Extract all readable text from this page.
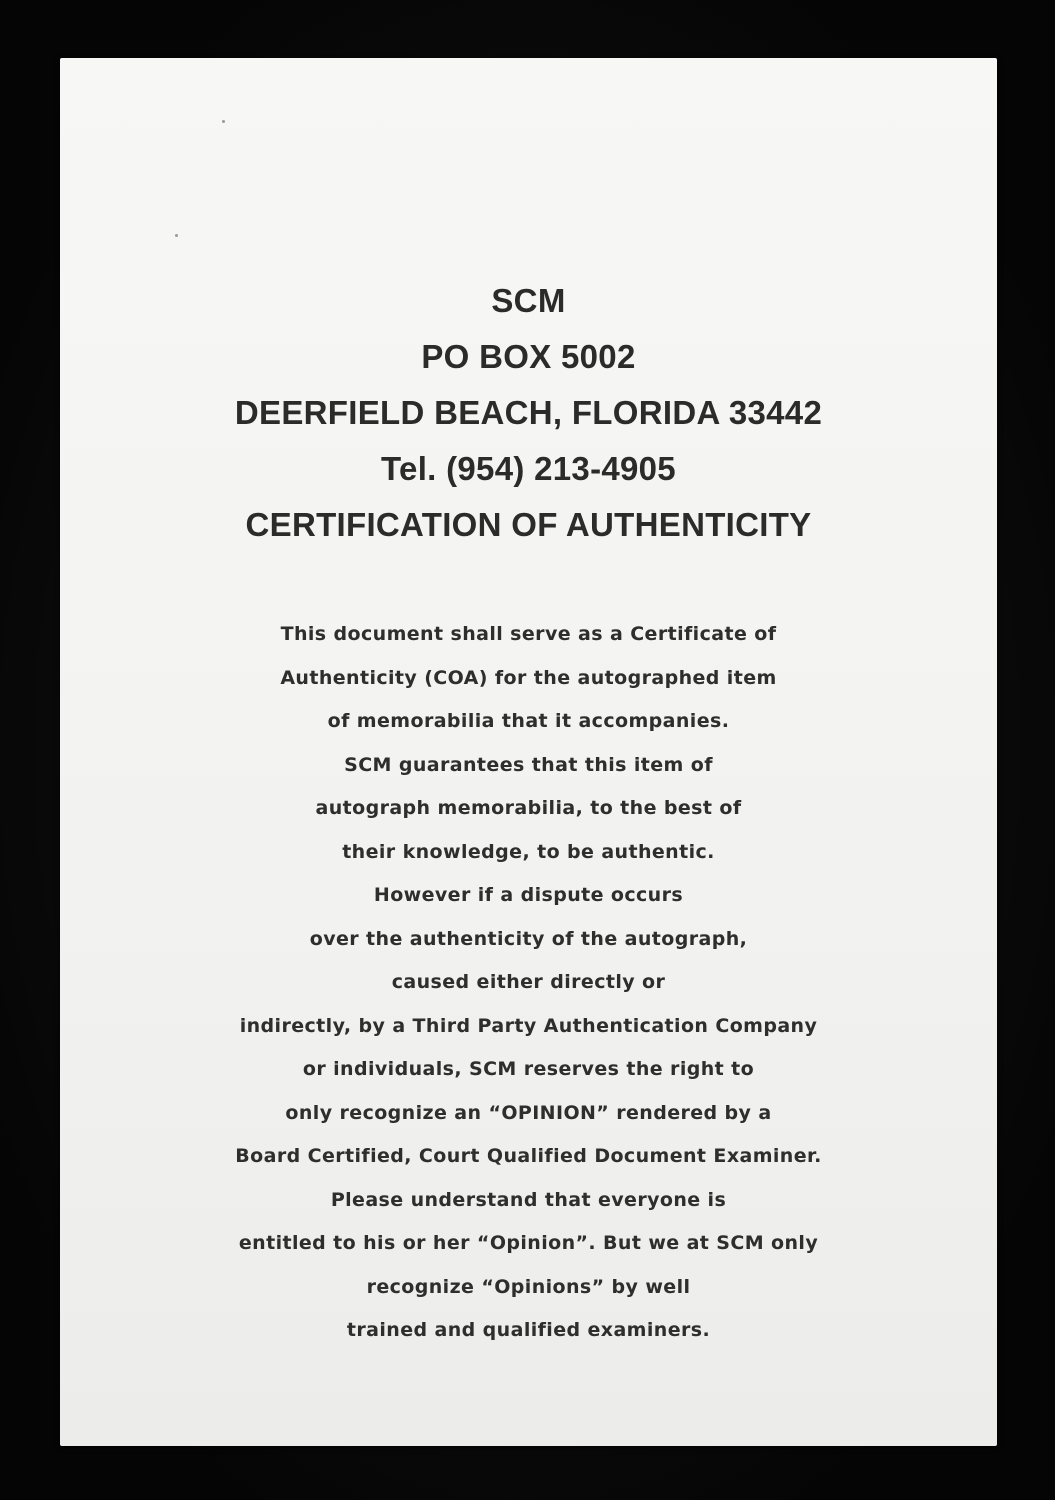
SCM
PO BOX 5002
DEERFIELD BEACH, FLORIDA 33442
Tel. (954) 213-4905
CERTIFICATION OF AUTHENTICITY
This document shall serve as a Certificate of
Authenticity (COA) for the autographed item
of memorabilia that it accompanies.
SCM guarantees that this item of
autograph memorabilia, to the best of
their knowledge, to be authentic.
However if a dispute occurs
over the authenticity of the autograph,
caused either directly or
indirectly, by a Third Party Authentication Company
or individuals, SCM reserves the right to
only recognize an “OPINION” rendered by a
Board Certified, Court Qualified Document Examiner.
Please understand that everyone is
entitled to his or her “Opinion”. But we at SCM only
recognize “Opinions” by well
trained and qualified examiners.
